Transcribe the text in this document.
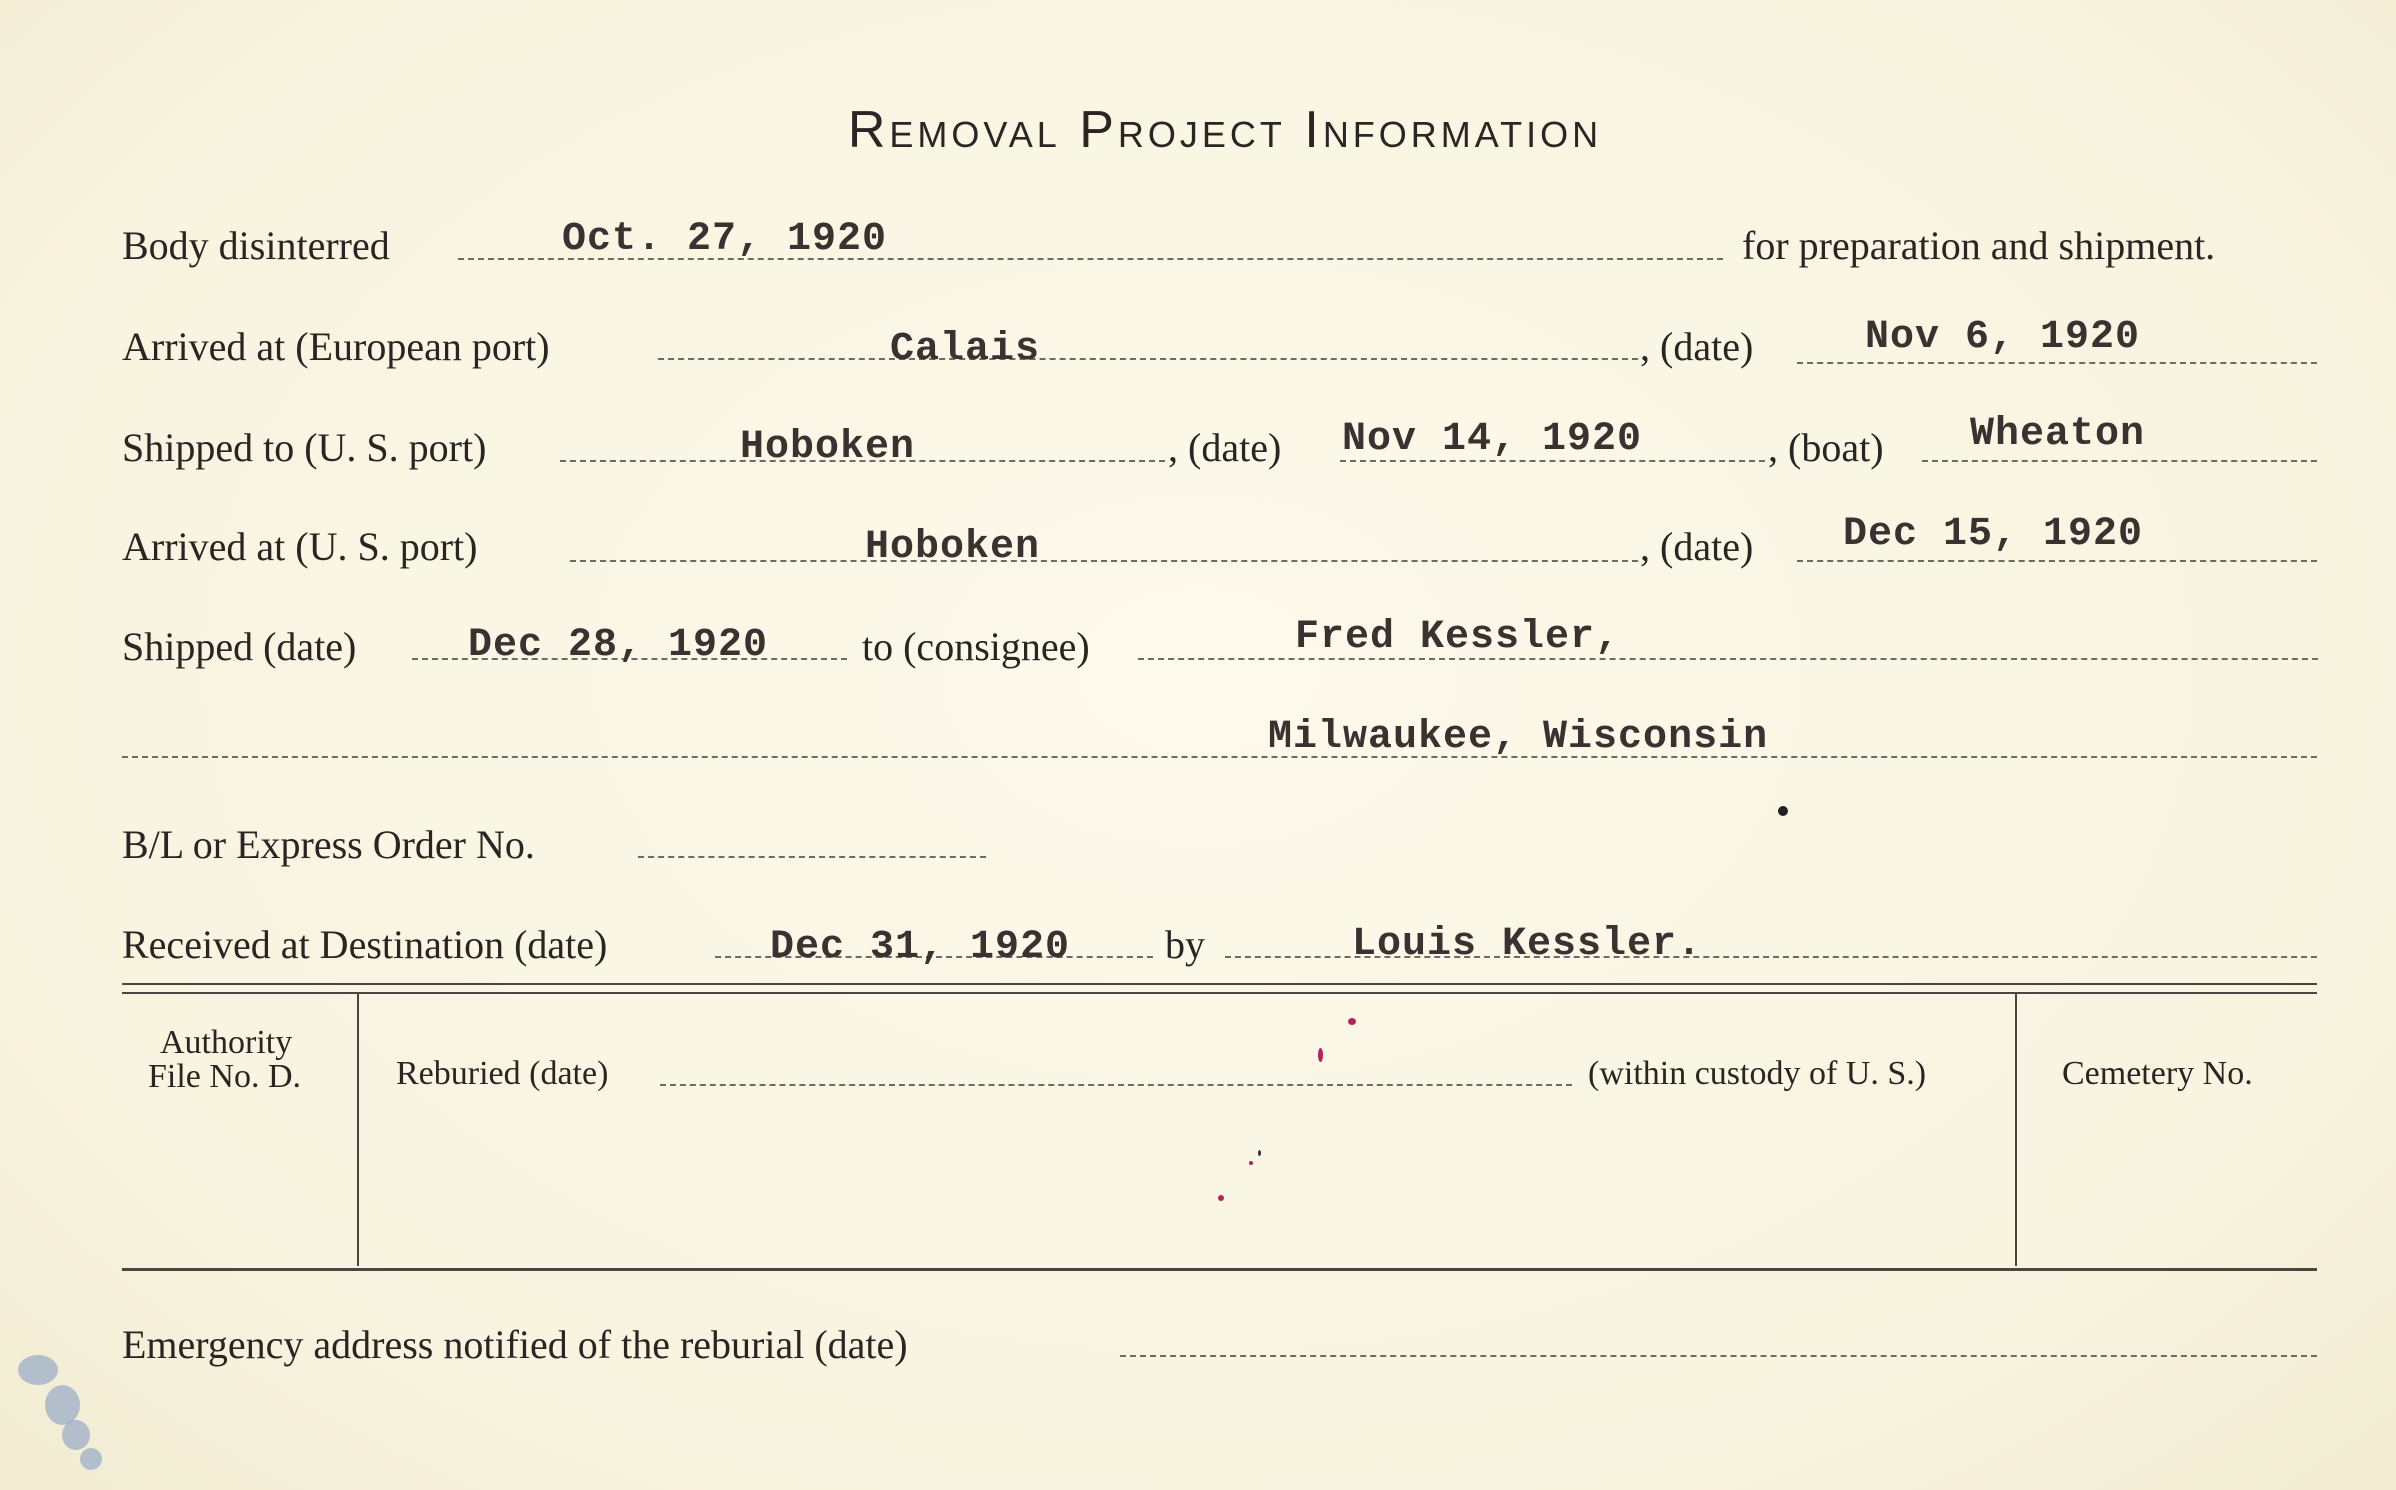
Removal Project Information
Body disinterred	Oct. 27, 1920	for preparation and shipment.
Arrived at (European port)	Calais	, (date)	Nov 6, 1920
Shipped to (U. S. port)	Hoboken	, (date) Nov 14, 1920	, (boat) Wheaton
Arrived at (U. S. port)	Hoboken	, (date) Dec 15, 1920
Shipped (date)	Dec 28, 1920 to (consignee)	Fred Kessler,
Milwaukee, Wisconsin
B/L or Express Order No.
Received at Destination (date)	Dec 31, 1920 by	Louis Kessler.
Authority
File No. D.	Reburied (date)	(within custody of U. S.)	Cemetery No.
Emergency address notified of the reburial (date)
